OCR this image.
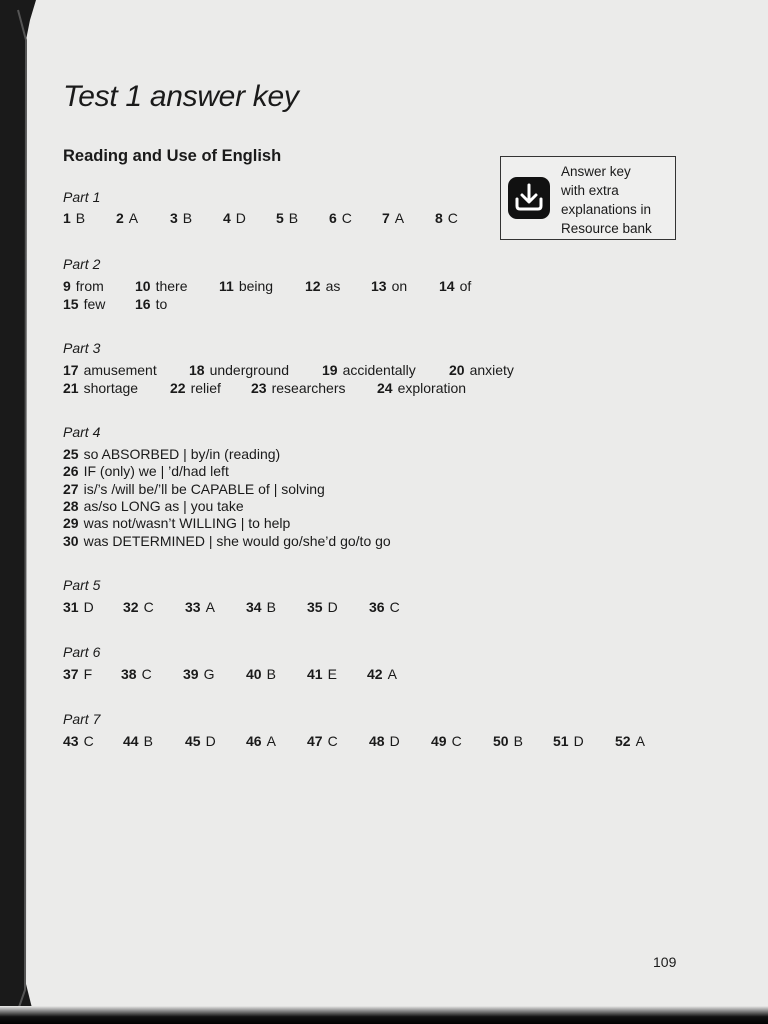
Test 1 answer key
Reading and Use of English
Answer key
with extra
explanations in
Resource bank
Part 1
1 B 2 A 3 B 4 D 5 B 6 C 7 A 8 C
Part 2
9 from 10 there 11 being 12 as 13 on 14 of
15 few 16 to
Part 3
17 amusement 18 underground 19 accidentally 20 anxiety
21 shortage 22 relief 23 researchers 24 exploration
Part 4
25 so ABSORBED | by/in (reading)
26 IF (only) we | ’d/had left
27 is/’s /will be/’ll be CAPABLE of | solving
28 as/so LONG as | you take
29 was not/wasn’t WILLING | to help
30 was DETERMINED | she would go/she’d go/to go
Part 5
31 D 32 C 33 A 34 B 35 D 36 C
Part 6
37 F 38 C 39 G 40 B 41 E 42 A
Part 7
43 C 44 B 45 D 46 A 47 C 48 D 49 C 50 B 51 D 52 A
109
